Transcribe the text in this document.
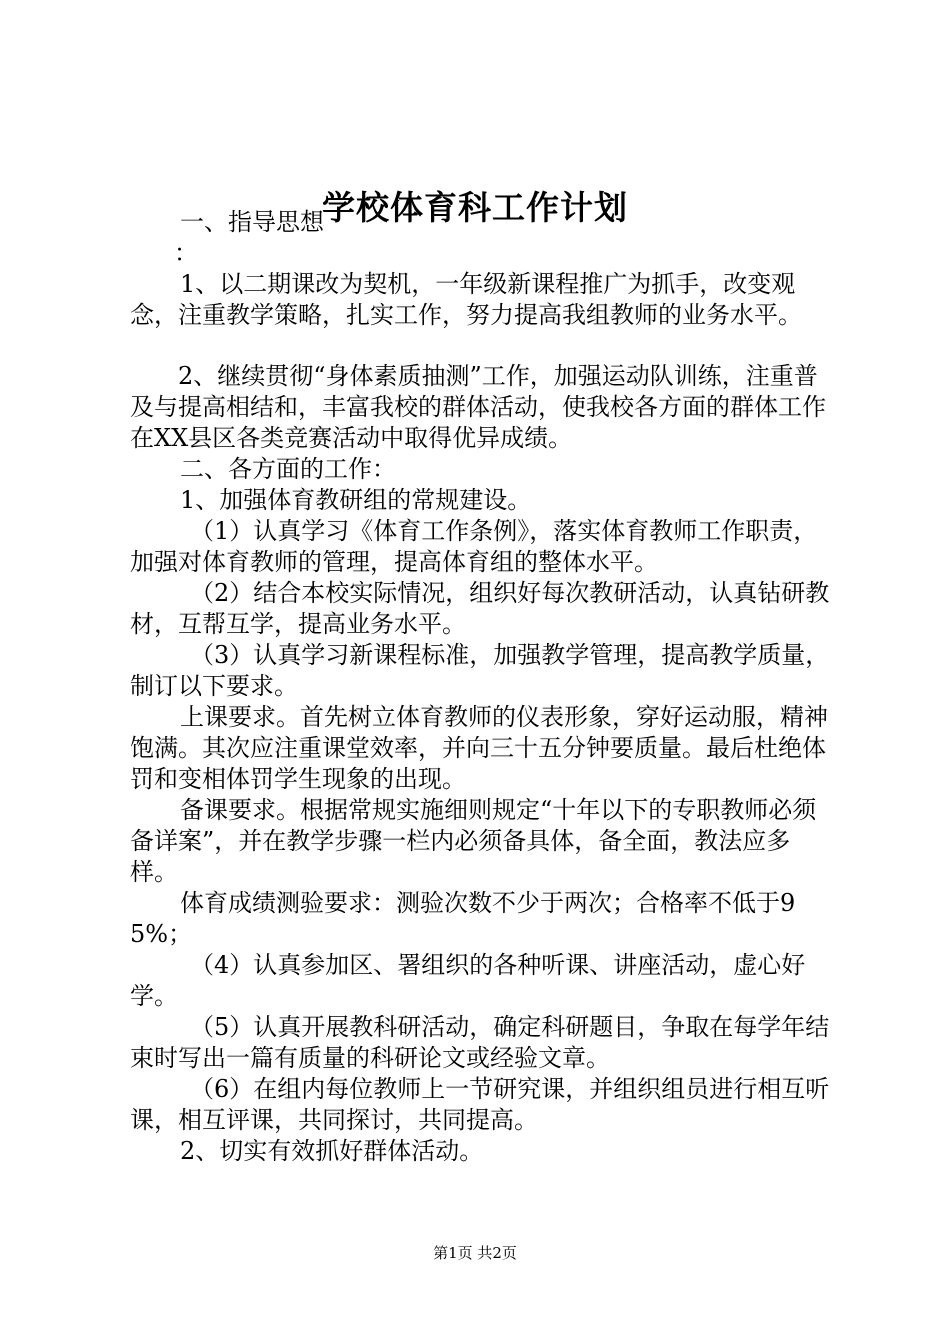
学校体育科工作计划
一、指导思想
：
1、以二期课改为契机，一年级新课程推广为抓手，改变观念，注重教学策略，扎实工作，努力提高我组教师的业务水平。
2、继续贯彻“身体素质抽测”工作，加强运动队训练，注重普及与提高相结和，丰富我校的群体活动，使我校各方面的群体工作在XX县区各类竞赛活动中取得优异成绩。
二、各方面的工作：
1、加强体育教研组的常规建设。
（1）认真学习《体育工作条例》，落实体育教师工作职责，加强对体育教师的管理，提高体育组的整体水平。
（2）结合本校实际情况，组织好每次教研活动，认真钻研教材，互帮互学，提高业务水平。
（3）认真学习新课程标准，加强教学管理，提高教学质量，制订以下要求。
上课要求。首先树立体育教师的仪表形象，穿好运动服，精神饱满。其次应注重课堂效率，并向三十五分钟要质量。最后杜绝体罚和变相体罚学生现象的出现。
备课要求。根据常规实施细则规定“十年以下的专职教师必须备详案”，并在教学步骤一栏内必须备具体，备全面，教法应多样。
体育成绩测验要求：测验次数不少于两次；合格率不低于95%；
（4）认真参加区、署组织的各种听课、讲座活动，虚心好学。
（5）认真开展教科研活动，确定科研题目，争取在每学年结束时写出一篇有质量的科研论文或经验文章。
（6）在组内每位教师上一节研究课，并组织组员进行相互听课，相互评课，共同探讨，共同提高。
2、切实有效抓好群体活动。
第1页 共2页
